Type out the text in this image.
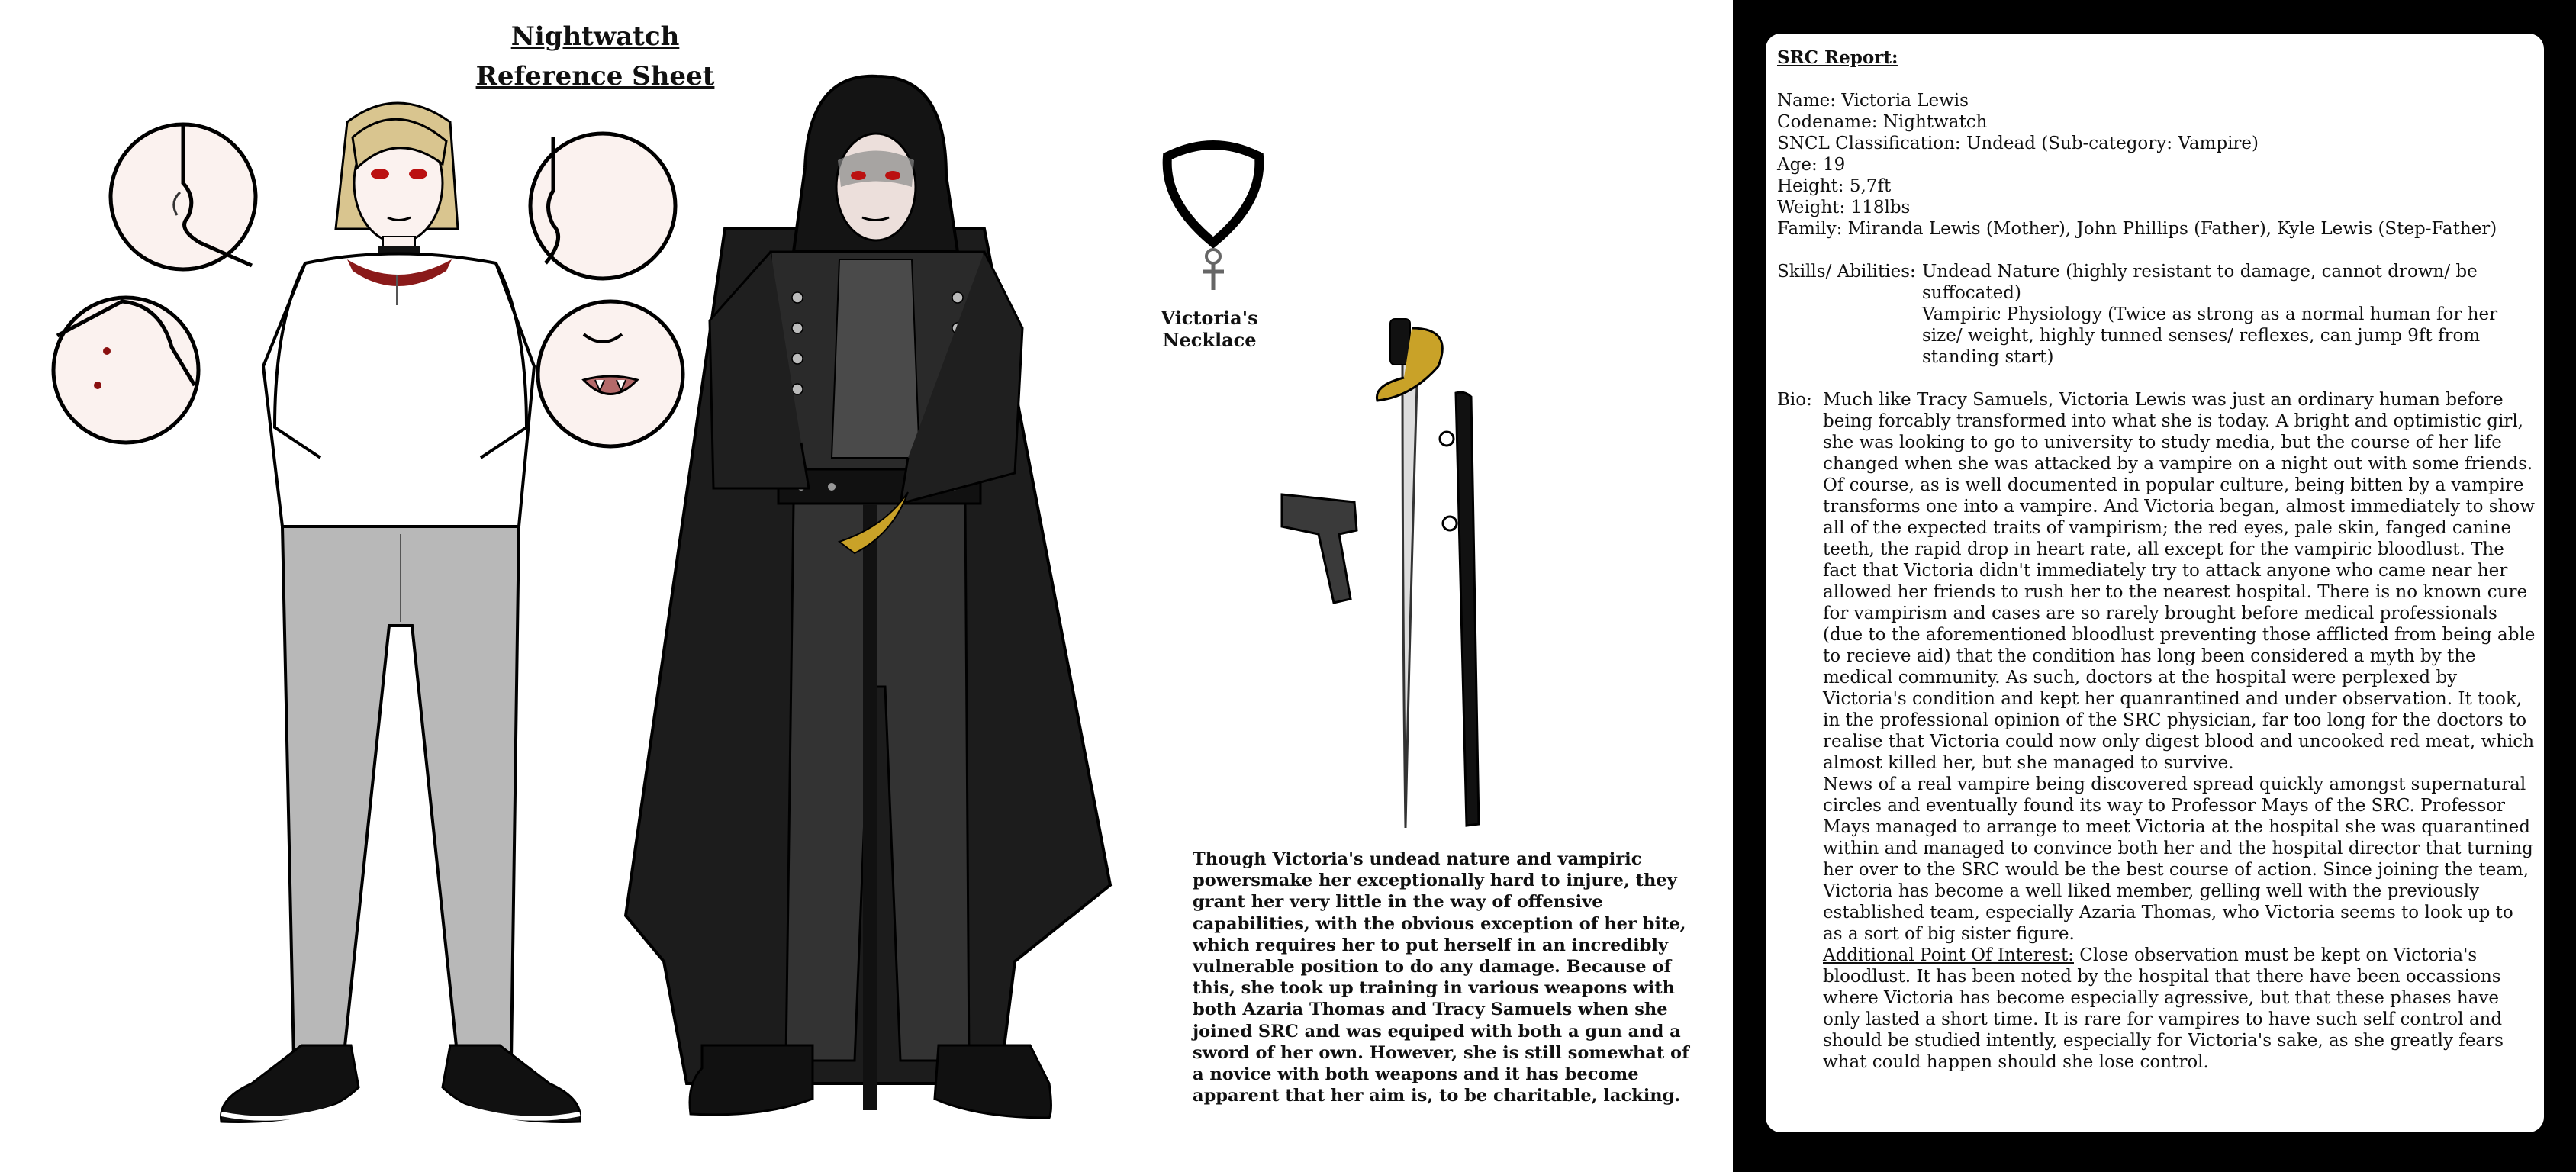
Nightwatch
Reference Sheet
Victoria's Necklace
Though Victoria's undead nature and vampiric powersmake her exceptionally hard to injure, they grant her very little in the way of offensive capabilities, with the obvious exception of her bite, which requires her to put herself in an incredibly vulnerable position to do any damage. Because of this, she took up training in various weapons with both Azaria Thomas and Tracy Samuels when she joined SRC and was equiped with both a gun and a sword of her own. However, she is still somewhat of a novice with both weapons and it has become apparent that her aim is, to be charitable, lacking.
SRC Report:
Name: Victoria Lewis
Codename: Nightwatch
SNCL Classification: Undead (Sub-category: Vampire)
Age: 19
Height: 5,7ft
Weight: 118lbs
Family: Miranda Lewis (Mother), John Phillips (Father), Kyle Lewis (Step-Father)
Skills/ Abilities: Undead Nature (highly resistant to damage, cannot drown/ be suffocated)
Vampiric Physiology (Twice as strong as a normal human for her size/ weight, highly tunned senses/ reflexes, can jump 9ft from standing start)
Bio: Much like Tracy Samuels, Victoria Lewis was just an ordinary human before being forcably transformed into what she is today. A bright and optimistic girl, she was looking to go to university to study media, but the course of her life changed when she was attacked by a vampire on a night out with some friends.

Of course, as is well documented in popular culture, being bitten by a vampire transforms one into a vampire. And Victoria began, almost immediately to show all of the expected traits of vampirism; the red eyes, pale skin, fanged canine teeth, the rapid drop in heart rate, all except for the vampiric bloodlust. The fact that Victoria didn't immediately try to attack anyone who came near her allowed her friends to rush her to the nearest hospital. There is no known cure for vampirism and cases are so rarely brought before medical professionals (due to the aforementioned bloodlust preventing those afflicted from being able to recieve aid) that the condition has long been considered a myth by the medical community. As such, doctors at the hospital were perplexed by Victoria's condition and kept her quanrantined and under observation. It took, in the professional opinion of the SRC physician, far too long for the doctors to realise that Victoria could now only digest blood and uncooked red meat, which almost killed her, but she managed to survive.

News of a real vampire being discovered spread quickly amongst supernatural circles and eventually found its way to Professor Mays of the SRC. Professor Mays managed to arrange to meet Victoria at the hospital she was quarantined within and managed to convince both her and the hospital director that turning her over to the SRC would be the best course of action. Since joining the team, Victoria has become a well liked member, gelling well with the previously established team, especially Azaria Thomas, who Victoria seems to look up to as a sort of big sister figure.

Additional Point Of Interest: Close observation must be kept on Victoria's bloodlust. It has been noted by the hospital that there have been occassions where Victoria has become especially agressive, but that these phases have only lasted a short time. It is rare for vampires to have such self control and should be studied intently, especially for Victoria's sake, as she greatly fears what could happen should she lose control.
